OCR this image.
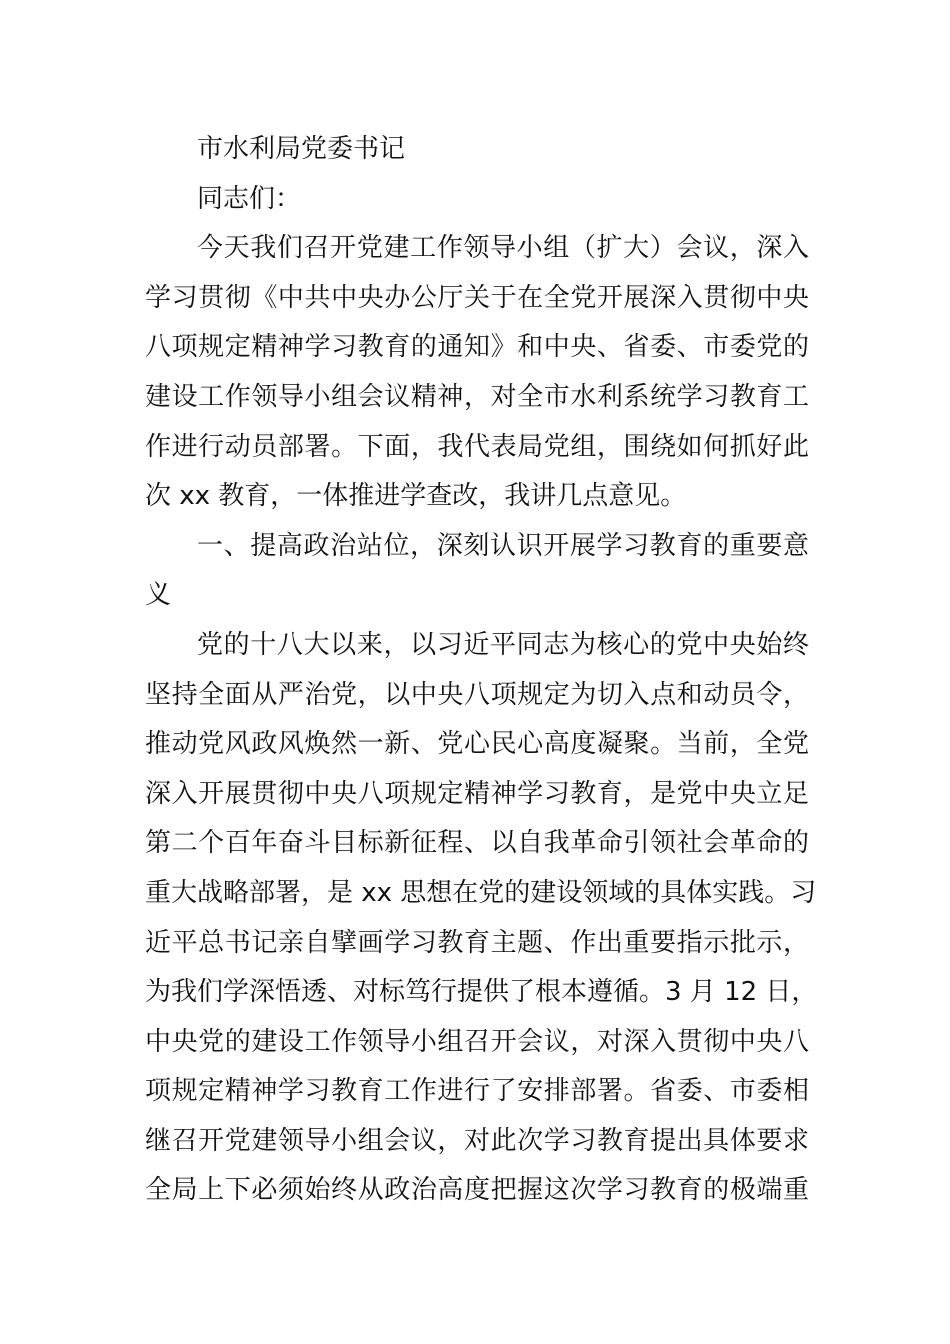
市水利局党委书记
同志们：
今天我们召开党建工作领导小组（扩大）会议，深入
学习贯彻《中共中央办公厅关于在全党开展深入贯彻中央
八项规定精神学习教育的通知》和中央、省委、市委党的
建设工作领导小组会议精神，对全市水利系统学习教育工
作进行动员部署。下面，我代表局党组，围绕如何抓好此
次 xx 教育，一体推进学查改，我讲几点意见。
一、提高政治站位，深刻认识开展学习教育的重要意
义
党的十八大以来，以习近平同志为核心的党中央始终
坚持全面从严治党，以中央八项规定为切入点和动员令，
推动党风政风焕然一新、党心民心高度凝聚。当前，全党
深入开展贯彻中央八项规定精神学习教育，是党中央立足
第二个百年奋斗目标新征程、以自我革命引领社会革命的
重大战略部署，是 xx 思想在党的建设领域的具体实践。习
近平总书记亲自擘画学习教育主题、作出重要指示批示，
为我们学深悟透、对标笃行提供了根本遵循。3 月 12 日，
中央党的建设工作领导小组召开会议，对深入贯彻中央八
项规定精神学习教育工作进行了安排部署。省委、市委相
继召开党建领导小组会议，对此次学习教育提出具体要求
全局上下必须始终从政治高度把握这次学习教育的极端重
